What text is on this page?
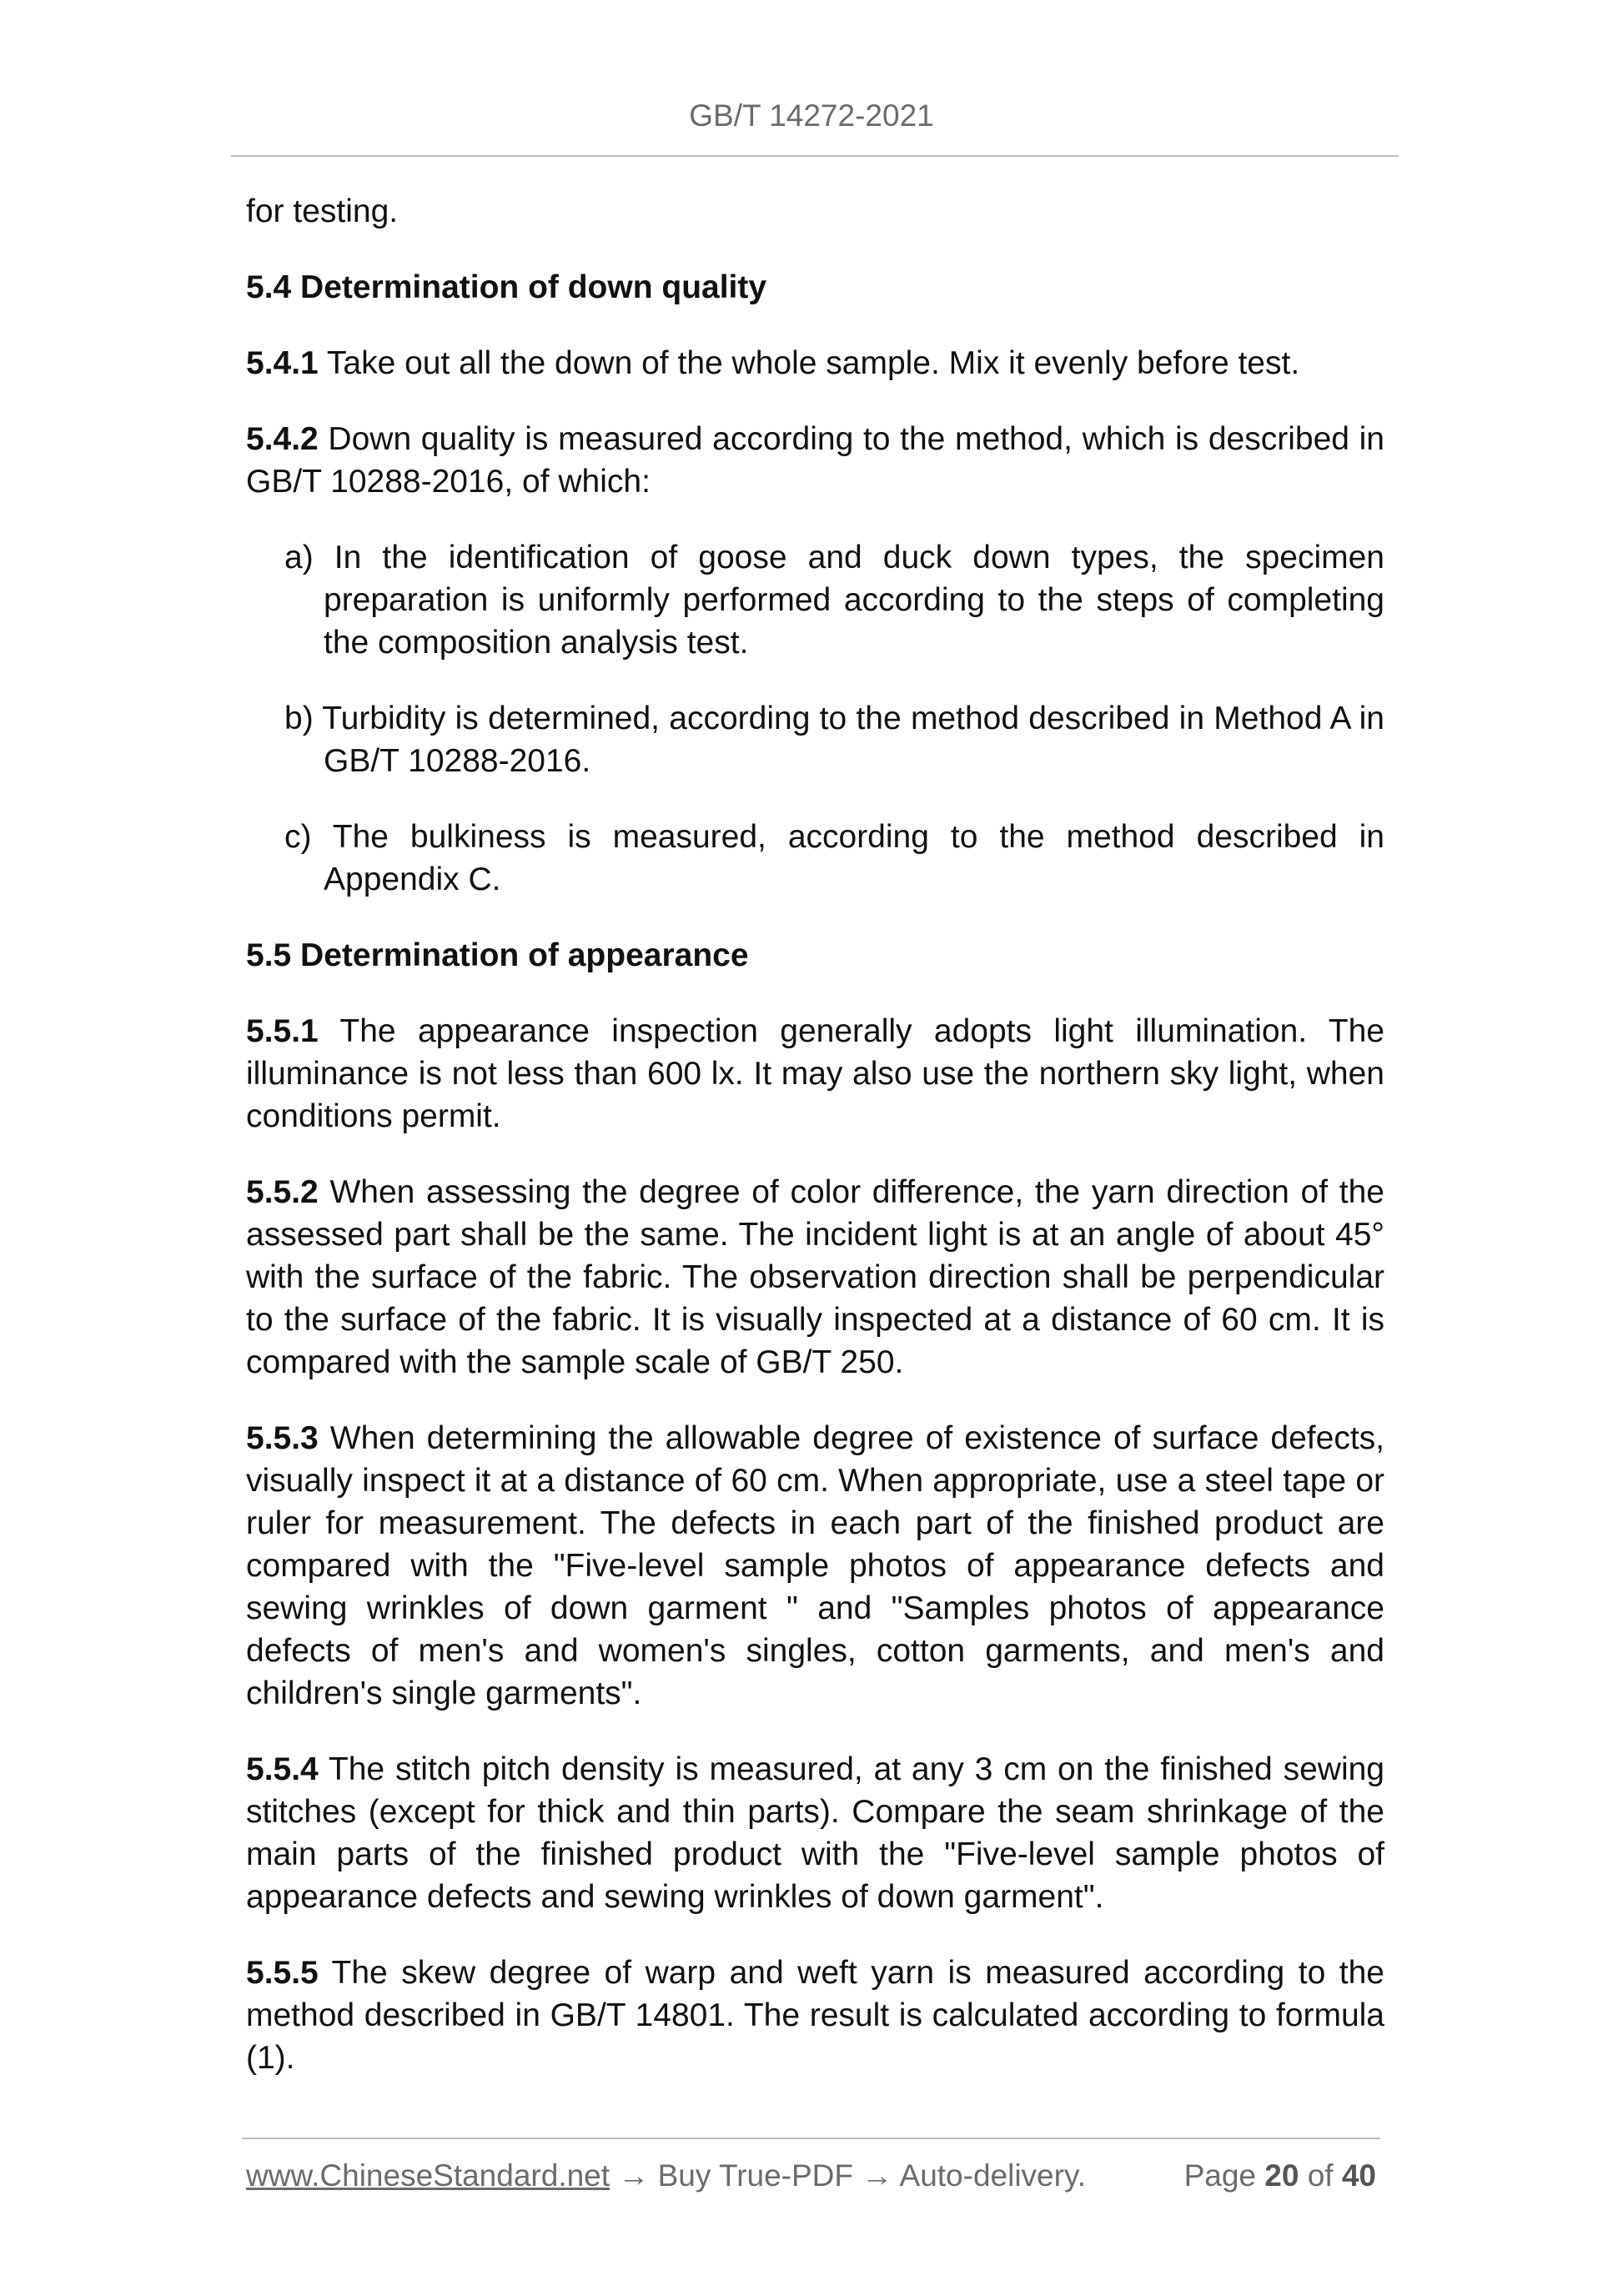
GB/T 14272-2021

for testing.

5.4 Determination of down quality

5.4.1 Take out all the down of the whole sample. Mix it evenly before test.

5.4.2 Down quality is measured according to the method, which is described in GB/T 10288-2016, of which:

a) In the identification of goose and duck down types, the specimen preparation is uniformly performed according to the steps of completing the composition analysis test.

b) Turbidity is determined, according to the method described in Method A in GB/T 10288-2016.

c) The bulkiness is measured, according to the method described in Appendix C.

5.5 Determination of appearance

5.5.1 The appearance inspection generally adopts light illumination. The illuminance is not less than 600 lx. It may also use the northern sky light, when conditions permit.

5.5.2 When assessing the degree of color difference, the yarn direction of the assessed part shall be the same. The incident light is at an angle of about 45° with the surface of the fabric. The observation direction shall be perpendicular to the surface of the fabric. It is visually inspected at a distance of 60 cm. It is compared with the sample scale of GB/T 250.

5.5.3 When determining the allowable degree of existence of surface defects, visually inspect it at a distance of 60 cm. When appropriate, use a steel tape or ruler for measurement. The defects in each part of the finished product are compared with the "Five-level sample photos of appearance defects and sewing wrinkles of down garment " and "Samples photos of appearance defects of men's and women's singles, cotton garments, and men's and children's single garments".

5.5.4 The stitch pitch density is measured, at any 3 cm on the finished sewing stitches (except for thick and thin parts). Compare the seam shrinkage of the main parts of the finished product with the "Five-level sample photos of appearance defects and sewing wrinkles of down garment".

5.5.5 The skew degree of warp and weft yarn is measured according to the method described in GB/T 14801. The result is calculated according to formula (1).

www.ChineseStandard.net → Buy True-PDF → Auto-delivery.	Page 20 of 40
